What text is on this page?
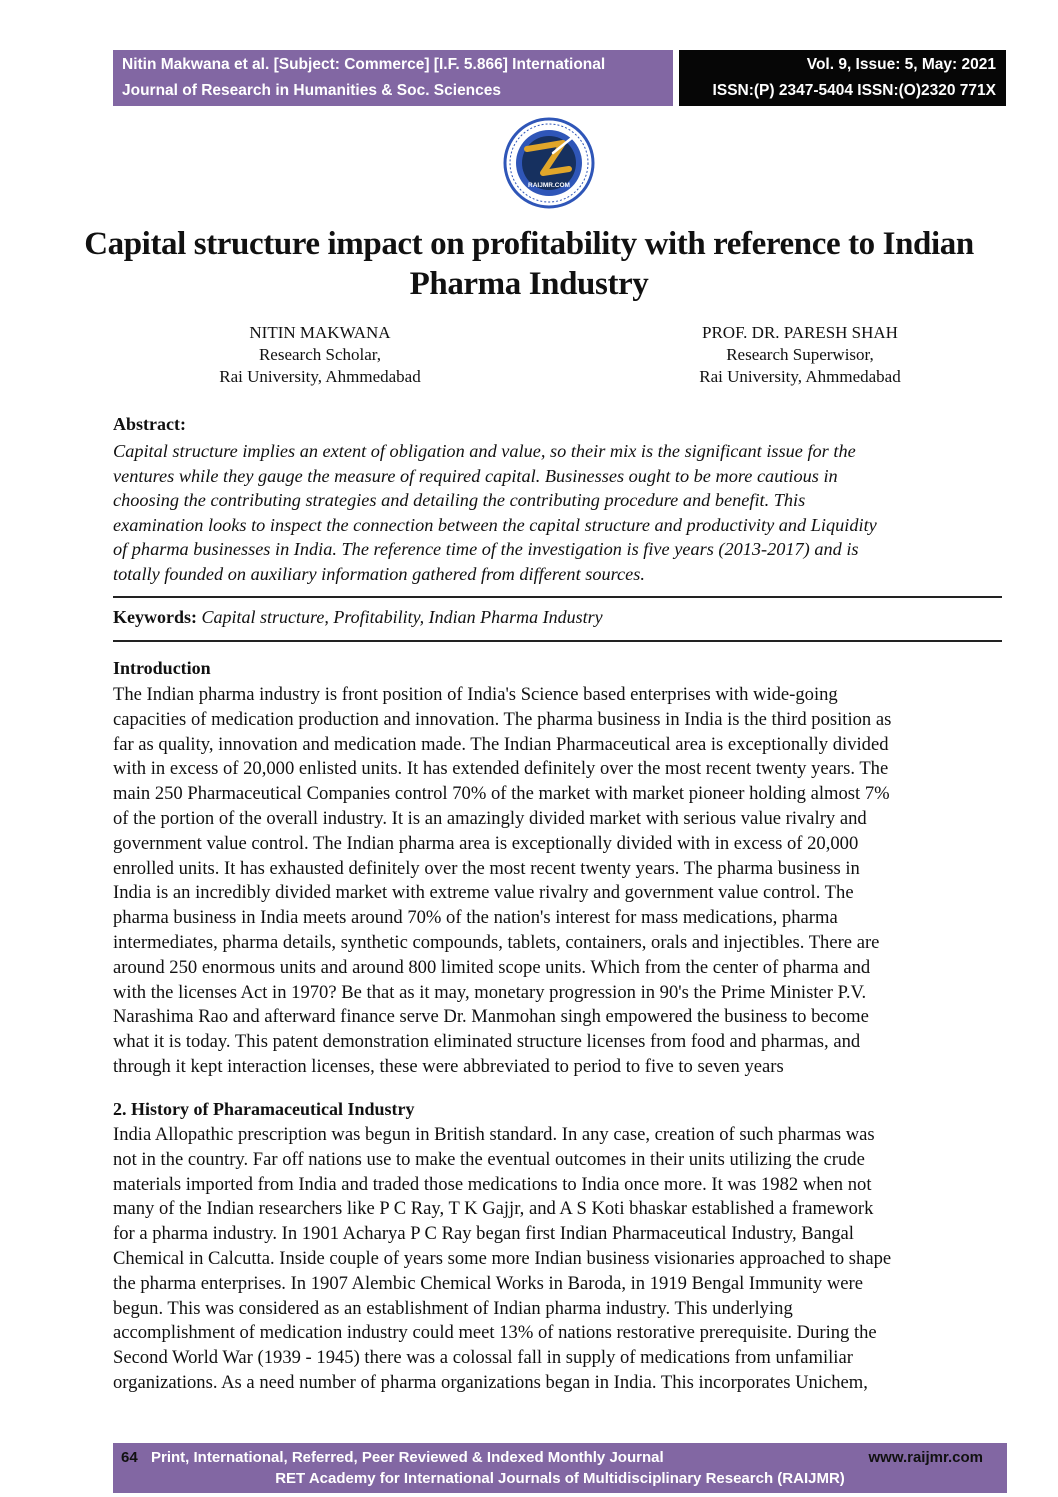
Nitin Makwana et al. [Subject: Commerce] [I.F. 5.866] International
Journal of Research in Humanities & Soc. Sciences
Vol. 9, Issue: 5, May: 2021
ISSN:(P) 2347-5404 ISSN:(O)2320 771X
RAIJMR.COM
Capital structure impact on profitability with reference to Indian
Pharma Industry
NITIN MAKWANA
Research Scholar,
Rai University, Ahmmedabad
PROF. DR. PARESH SHAH
Research Superwisor,
Rai University, Ahmmedabad
Abstract:
Capital structure implies an extent of obligation and value, so their mix is the significant issue for the
ventures while they gauge the measure of required capital. Businesses ought to be more cautious in
choosing the contributing strategies and detailing the contributing procedure and benefit. This
examination looks to inspect the connection between the capital structure and productivity and Liquidity
of pharma businesses in India. The reference time of the investigation is five years (2013-2017) and is
totally founded on auxiliary information gathered from different sources.
Keywords: Capital structure, Profitability, Indian Pharma Industry
Introduction
The Indian pharma industry is front position of India's Science based enterprises with wide-going
capacities of medication production and innovation. The pharma business in India is the third position as
far as quality, innovation and medication made. The Indian Pharmaceutical area is exceptionally divided
with in excess of 20,000 enlisted units. It has extended definitely over the most recent twenty years. The
main 250 Pharmaceutical Companies control 70% of the market with market pioneer holding almost 7%
of the portion of the overall industry. It is an amazingly divided market with serious value rivalry and
government value control. The Indian pharma area is exceptionally divided with in excess of 20,000
enrolled units. It has exhausted definitely over the most recent twenty years. The pharma business in
India is an incredibly divided market with extreme value rivalry and government value control. The
pharma business in India meets around 70% of the nation's interest for mass medications, pharma
intermediates, pharma details, synthetic compounds, tablets, containers, orals and injectibles. There are
around 250 enormous units and around 800 limited scope units. Which from the center of pharma and
with the licenses Act in 1970? Be that as it may, monetary progression in 90's the Prime Minister P.V.
Narashima Rao and afterward finance serve Dr. Manmohan singh empowered the business to become
what it is today. This patent demonstration eliminated structure licenses from food and pharmas, and
through it kept interaction licenses, these were abbreviated to period to five to seven years
2. History of Pharamaceutical Industry
India Allopathic prescription was begun in British standard. In any case, creation of such pharmas was
not in the country. Far off nations use to make the eventual outcomes in their units utilizing the crude
materials imported from India and traded those medications to India once more. It was 1982 when not
many of the Indian researchers like P C Ray, T K Gajjr, and A S Koti bhaskar established a framework
for a pharma industry. In 1901 Acharya P C Ray began first Indian Pharmaceutical Industry, Bangal
Chemical in Calcutta. Inside couple of years some more Indian business visionaries approached to shape
the pharma enterprises. In 1907 Alembic Chemical Works in Baroda, in 1919 Bengal Immunity were
begun. This was considered as an establishment of Indian pharma industry. This underlying
accomplishment of medication industry could meet 13% of nations restorative prerequisite. During the
Second World War (1939 - 1945) there was a colossal fall in supply of medications from unfamiliar
organizations. As a need number of pharma organizations began in India. This incorporates Unichem,
64 Print, International, Referred, Peer Reviewed & Indexed Monthly Journal	www.raijmr.com
RET Academy for International Journals of Multidisciplinary Research (RAIJMR)
